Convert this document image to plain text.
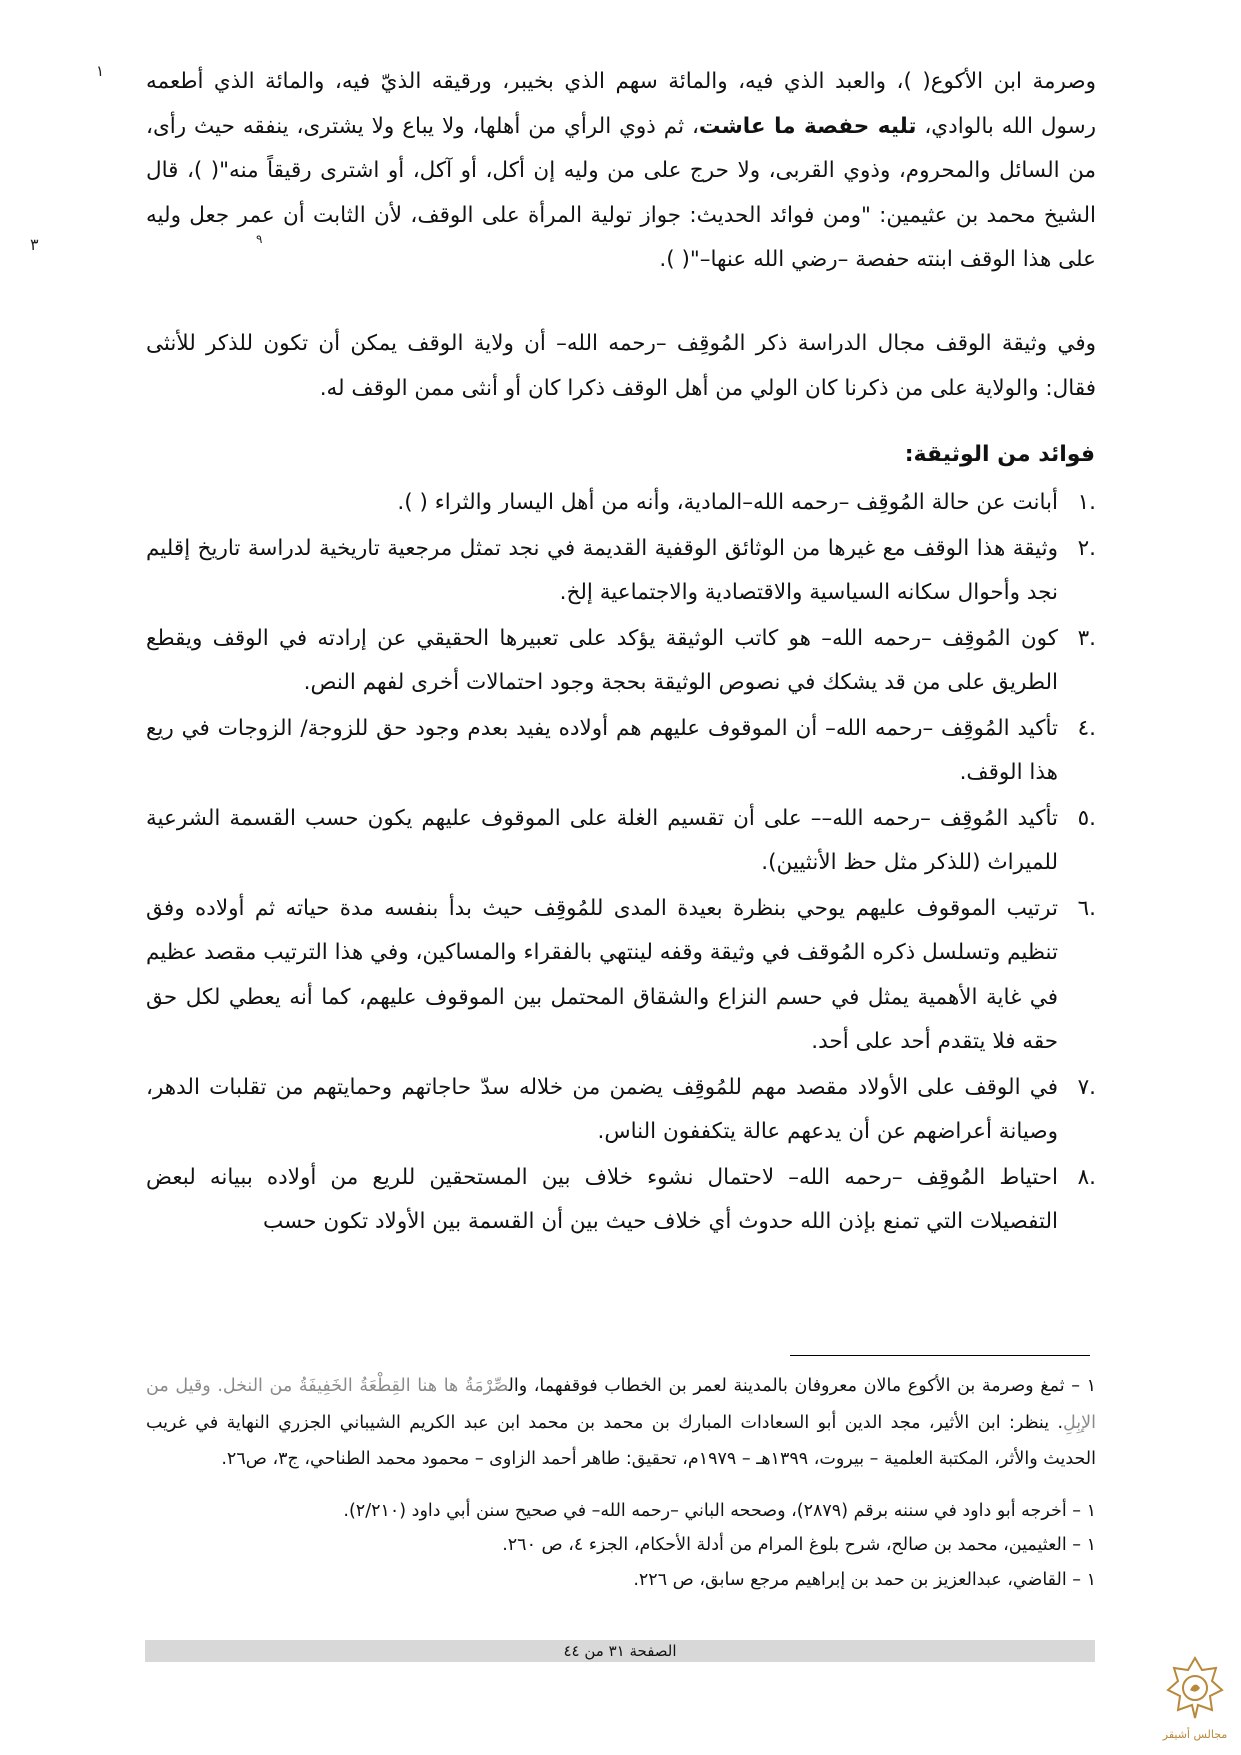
١
٣	٩
وصرمة ابن الأكوع( )، والعبد الذي فيه، والمائة سهم الذي بخيبر، ورقيقه الذيّ فيه، والمائة الذي أطعمه رسول الله بالوادي، تليه حفصة ما عاشت، ثم ذوي الرأي من أهلها، ولا يباع ولا يشترى، ينفقه حيث رأى، من السائل والمحروم، وذوي القربى، ولا حرج على من وليه إن أكل، أو آكل، أو اشترى رقيقاً منه"( )، قال الشيخ محمد بن عثيمين: "ومن فوائد الحديث: جواز تولية المرأة على الوقف، لأن الثابت أن عمر جعل وليه على هذا الوقف ابنته حفصة –رضي الله عنها–"( ).
وفي وثيقة الوقف مجال الدراسة ذكر المُوقِف –رحمه الله– أن ولاية الوقف يمكن أن تكون للذكر للأنثى فقال: والولاية على من ذكرنا كان الولي من أهل الوقف ذكرا كان أو أنثى ممن الوقف له.
فوائد من الوثيقة:
.١
أبانت عن حالة المُوقِف –رحمه الله–المادية، وأنه من أهل اليسار والثراء ( ).
.٢
وثيقة هذا الوقف مع غيرها من الوثائق الوقفية القديمة في نجد تمثل مرجعية تاريخية لدراسة تاريخ إقليم نجد وأحوال سكانه السياسية والاقتصادية والاجتماعية إلخ.
.٣
كون المُوقِف –رحمه الله– هو كاتب الوثيقة يؤكد على تعبيرها الحقيقي عن إرادته في الوقف ويقطع الطريق على من قد يشكك في نصوص الوثيقة بحجة وجود احتمالات أخرى لفهم النص.
.٤
تأكيد المُوقِف –رحمه الله– أن الموقوف عليهم هم أولاده يفيد بعدم وجود حق للزوجة/ الزوجات في ريع هذا الوقف.
.٥
تأكيد المُوقِف –رحمه الله–– على أن تقسيم الغلة على الموقوف عليهم يكون حسب القسمة الشرعية للميراث (للذكر مثل حظ الأنثيين).
.٦
ترتيب الموقوف عليهم يوحي بنظرة بعيدة المدى للمُوقِف حيث بدأ بنفسه مدة حياته ثم أولاده وفق تنظيم وتسلسل ذكره المُوقف في وثيقة وقفه لينتهي بالفقراء والمساكين، وفي هذا الترتيب مقصد عظيم في غاية الأهمية يمثل في حسم النزاع والشقاق المحتمل بين الموقوف عليهم، كما أنه يعطي لكل حق حقه فلا يتقدم أحد على أحد.
.٧
في الوقف على الأولاد مقصد مهم للمُوقِف يضمن من خلاله سدّ حاجاتهم وحمايتهم من تقلبات الدهر، وصيانة أعراضهم عن أن يدعهم عالة يتكففون الناس.
.٨
احتياط المُوقِف –رحمه الله– لاحتمال نشوء خلاف بين المستحقين للريع من أولاده ببيانه لبعض التفصيلات التي تمنع بإذن الله حدوث أي خلاف حيث بين أن القسمة بين الأولاد تكون حسب
١ – ثمغ وصرمة بن الأكوع مالان معروفان بالمدينة لعمر بن الخطاب فوقفهما، والصِّرْمَةُ ها هنا القِطْعَةُ الخَفِيفَةُ من النخل. وقيل من الإبِلِ. ينظر: ابن الأثير، مجد الدين أبو السعادات المبارك بن محمد بن محمد ابن عبد الكريم الشيباني الجزري النهاية في غريب الحديث والأثر، المكتبة العلمية – بيروت، ١٣٩٩هـ – ١٩٧٩م، تحقيق: طاهر أحمد الزاوى – محمود محمد الطناحي، ج٣، ص٢٦.
١ – أخرجه أبو داود في سننه برقم (٢٨٧٩)، وصححه الباني –رحمه الله– في صحيح سنن أبي داود (٢/٢١٠).
١ – العثيمين، محمد بن صالح، شرح بلوغ المرام من أدلة الأحكام، الجزء ٤، ص ٢٦٠.
١ – القاضي، عبدالعزيز بن حمد بن إبراهيم مرجع سابق، ص ٢٢٦.
الصفحة ٣١ من ٤٤
مجالس أشيقر
